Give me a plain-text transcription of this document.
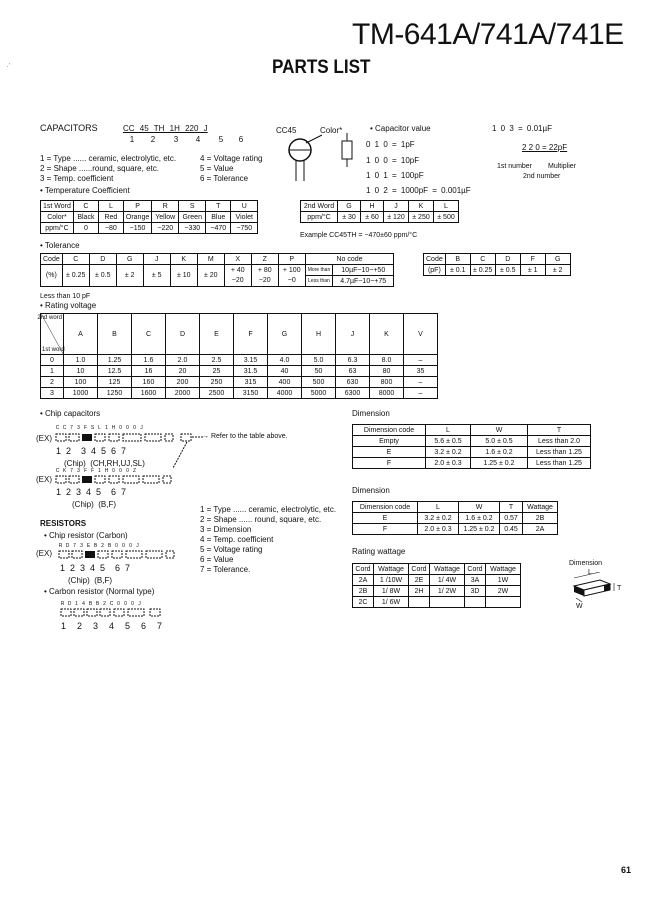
TM-641A/741A/741E
PARTS LIST
·‵
CAPACITORS	CC 45 TH 1H 220 J
1 2 3 4 5 6
CC45	Color*
1 = Type ...... ceramic, electrolytic, etc.
2 = Shape ......round, square, etc.
3 = Temp. coefficient
4 = Voltage rating
5 = Value
6 = Tolerance
• Capacitor value	1 0 3 = 0.01µF
0 1 0 = 1pF
1 0 0 = 10pF
1 0 1 = 100pF
1 0 2 = 1000pF = 0.001µF
2 2 0 = 22pF
1st number Multiplier
2nd number
• Temperature Coefficient
1st Word	C	L	P	R	S	T	U
Color*	Black	Red	Orange	Yellow	Green	Blue	Violet
ppm/°C	0	−80	−150	−220	−330	−470	−750
2nd Word	G	H	J	K	L
ppm/°C	± 30	± 60	± 120	± 250	± 500
Example CC45TH = −470±60 ppm/°C
• Tolerance
Code	C	D	G	J	K	M	X	Z	P	No code	
(%)	± 0.25	± 0.5	± 2	± 5	± 10	± 20	+ 40	+ 80	+ 100	More than	10µF−10~+50
							−20	−20	−0	Less than	4.7µF−10~+75
Code	B	C	D	F	G
(pF)	± 0.1	± 0.25	± 0.5	± 1	± 2
Less than 10 pF
• Rating voltage
2nd word
1st word	A	B	C	D	E	F	G	H	J	K	V
0	1.0	1.25	1.6	2.0	2.5	3.15	4.0	5.0	6.3	8.0	–
1	10	12.5	16	20	25	31.5	40	50	63	80	35
2	100	125	160	200	250	315	400	500	630	800	–
3	1000	1250	1600	2000	2500	3150	4000	5000	6300	8000	–
• Chip capacitors
(EX)
CC 7 3 F S L 1 H 0 0 0 J
→ Refer to the table above.
1  2    3  4  5  6  7
(Chip)  (CH,RH,UJ,SL)
(EX)
C K 7 3 F F 1 H 0 0 0 Z
1  2  3  4  5    6  7
(Chip)  (B,F)
Dimension
Dimension code	L	W	T
Empty	5.6 ± 0.5	5.0 ± 0.5	Less than 2.0
E	3.2 ± 0.2	1.6 ± 0.2	Less than 1.25
F	2.0 ± 0.3	1.25 ± 0.2	Less than 1.25
Dimension
Dimension code	L	W	T	Wattage
E	3.2 ± 0.2	1.6 ± 0.2	0.57	2B
F	2.0 ± 0.3	1.25 ± 0.2	0.45	2A
RESISTORS
• Chip resistor (Carbon)
(EX)
RD 7 3 E B 2 B 0 0 0 J
1  2  3  4  5    6  7
(Chip)  (B,F)
• Carbon resistor (Normal type)
RD 1 4 B B 2 C 0 0 0 J
1  2  3  4  5  6  7
1 = Type ...... ceramic, electrolytic, etc.
2 = Shape ...... round, square, etc.
3 = Dimension
4 = Temp. coefficient
5 = Voltage rating
6 = Value
7 = Tolerance.
Rating wattage
Cord	Wattage	Cord	Wattage	Cord	Wattage
2A	1 /10W	2E	1/ 4W	3A	1W
2B	1/ 8W	2H	1/ 2W	3D	2W
2C	1/ 6W				
Dimension
L
T
W
61
